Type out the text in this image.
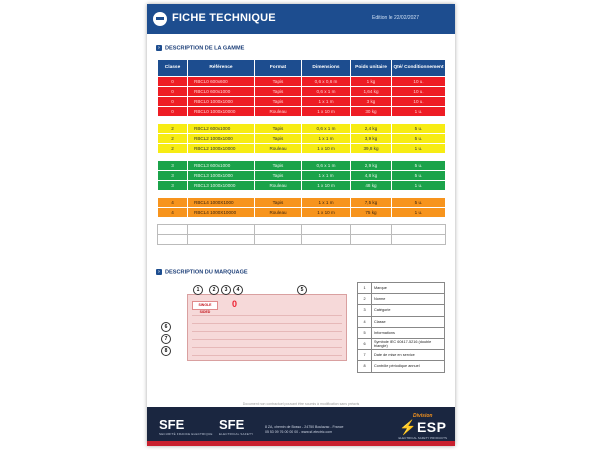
FICHE TECHNIQUE	Edition le 22/02/2027
› DESCRIPTION DE LA GAMME
Classe	Référence	Format	Dimensions	Poids unitaire	Qté/ Conditionnement
0	RBCL0 600x600	Tapis	0,6 x 0,6 m	1 kg	10 u.
0	RBCL0 600x1000	Tapis	0,6 x 1 m	1,64 kg	10 u.
0	RBCL0 1000x1000	Tapis	1 x 1 m	3 kg	10 u.
0	RBCL0 1000x10000	Rouleau	1 x 10 m	30 kg	1 u.

2	RBCL2 600x1000	Tapis	0,6 x 1 m	2,4 kg	5 u.
2	RBCL2 1000x1000	Tapis	1 x 1 m	3,9 kg	5 u.
2	RBCL2 1000x10000	Rouleau	1 x 10 m	39,8 kg	1 u.

3	RBCL3 600x1000	Tapis	0,6 x 1 m	2,9 kg	5 u.
3	RBCL3 1000x1000	Tapis	1 x 1 m	4,8 kg	5 u.
3	RBCL3 1000x10000	Rouleau	1 x 10 m	48 kg	1 u.

4	RBCL4 1000X1000	Tapis	1 x 1 m	7,5 kg	5 u.
4	RBCL4 1000X10000	Rouleau	1 x 10 m	75 kg	1 u.

› DESCRIPTION DU MARQUAGE
SINGLE SIDED
0
1	2	3	4	5
6
7
8
1	Marque
2	Norme
3	Catégorie
4	Classe
5	Informations
6	Symbole IEC 60417-5216 (double triangle)
7	Date de mise en service
8	Contrôle périodique annuel
Document non contractuel pouvant être soumis à modification sans préavis
SFE
SECURITÉ FRANCE ELECTRIQUE
SFE
ELECTRICAL SAFETY
8 ZA, chemin de Bosso - 24750 Boulazac - France
05 53 09 76 00 00 00 - www.sf-electric.com
Division
⚡ESP
ELECTRICAL SAFETY PRODUCTS
